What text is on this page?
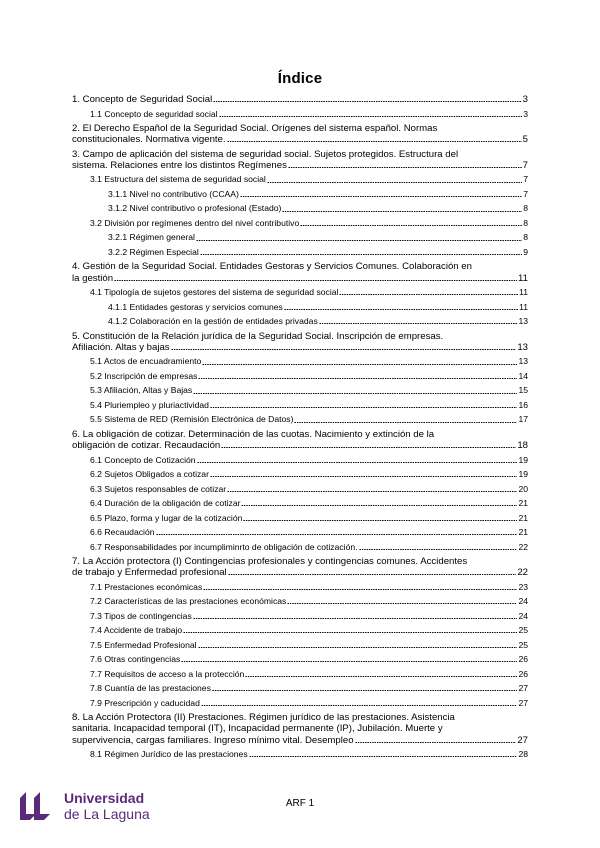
Índice
1. Concepto de Seguridad Social	3
1.1 Concepto de seguridad social	3
2. El Derecho Español de la Seguridad Social. Orígenes del sistema español. Normas
constitucionales. Normativa vigente.	5
3. Campo de aplicación del sistema de seguridad social. Sujetos protegidos. Estructura del
sistema. Relaciones entre los distintos Regímenes	7
3.1 Estructura del sistema de seguridad social	7
3.1.1 Nivel no contributivo (CCAA)	7
3.1.2 Nivel contributivo o profesional (Estado)	8
3.2 División por regímenes dentro del nivel contributivo	8
3.2.1 Régimen general	8
3.2.2 Régimen Especial	9
4. Gestión de la Seguridad Social. Entidades Gestoras y Servicios Comunes. Colaboración en
la gestión	11
4.1 Tipología de sujetos gestores del sistema de seguridad social	11
4.1.1 Entidades gestoras y servicios comunes	11
4.1.2 Colaboración en la gestión de entidades privadas	13
5. Constitución de la Relación jurídica de la Seguridad Social. Inscripción de empresas.
Afiliación. Altas y bajas	13
5.1 Actos de encuadramiento	13
5.2 Inscripción de empresas	14
5.3 Afiliación, Altas y Bajas	15
5.4 Pluriempleo y pluriactividad	16
5.5 Sistema de RED (Remisión Electrónica de Datos)	17
6. La obligación de cotizar. Determinación de las cuotas. Nacimiento y extinción de la
obligación de cotizar. Recaudación	18
6.1 Concepto de Cotización	19
6.2 Sujetos Obligados a cotizar	19
6.3 Sujetos responsables de cotizar	20
6.4 Duración de la obligación de cotizar	21
6.5 Plazo, forma y lugar de la cotización	21
6.6 Recaudación	21
6.7 Responsabilidades por incumpliminrto de obligación de cotización.	22
7. La Acción protectora (I) Contingencias profesionales y contingencias comunes. Accidentes
de trabajo y Enfermedad profesional	22
7.1 Prestaciones económicas	23
7.2 Características de las prestaciones económicas	24
7.3 Tipos de contingencias	24
7.4 Accidente de trabajo	25
7.5 Enfermedad Profesional	25
7.6 Otras contingencias	26
7.7 Requisitos de acceso a la protección	26
7.8 Cuantía de las prestaciones	27
7.9 Prescripción y caducidad	27
8. La Acción Protectora (II) Prestaciones. Régimen jurídico de las prestaciones. Asistencia
sanitaria. Incapacidad temporal (IT), Incapacidad permanente (IP), Jubilación. Muerte y
supervivencia, cargas familiares. Ingreso mínimo vital. Desempleo	27
8.1 Régimen Jurídico de las prestaciones	28
Universidad
de La Laguna
ARF 1
